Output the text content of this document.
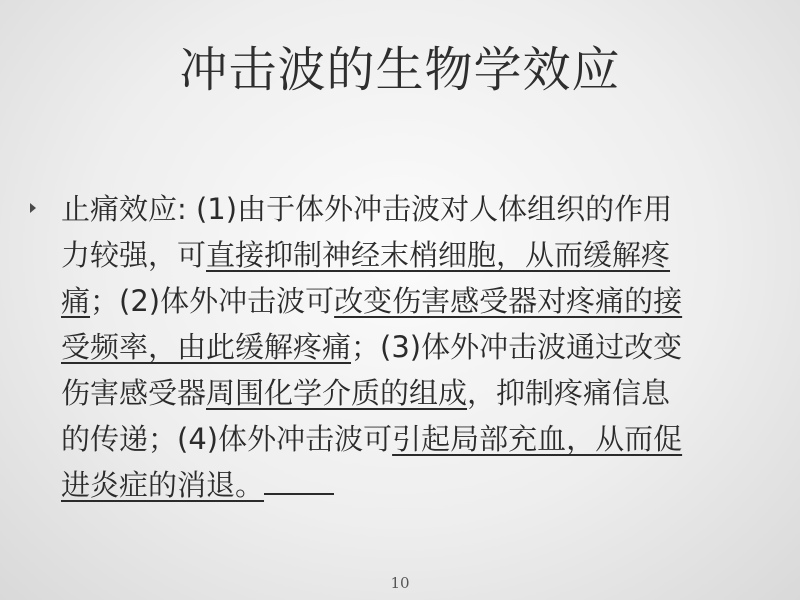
冲击波的生物学效应
止痛效应: (1)由于体外冲击波对人体组织的作用
力较强，可直接抑制神经末梢细胞，从而缓解疼
痛；(2)体外冲击波可改变伤害感受器对疼痛的接
受频率，由此缓解疼痛；(3)体外冲击波通过改变
伤害感受器周围化学介质的组成，抑制疼痛信息
的传递；(4)体外冲击波可引起局部充血，从而促
进炎症的消退。
10
